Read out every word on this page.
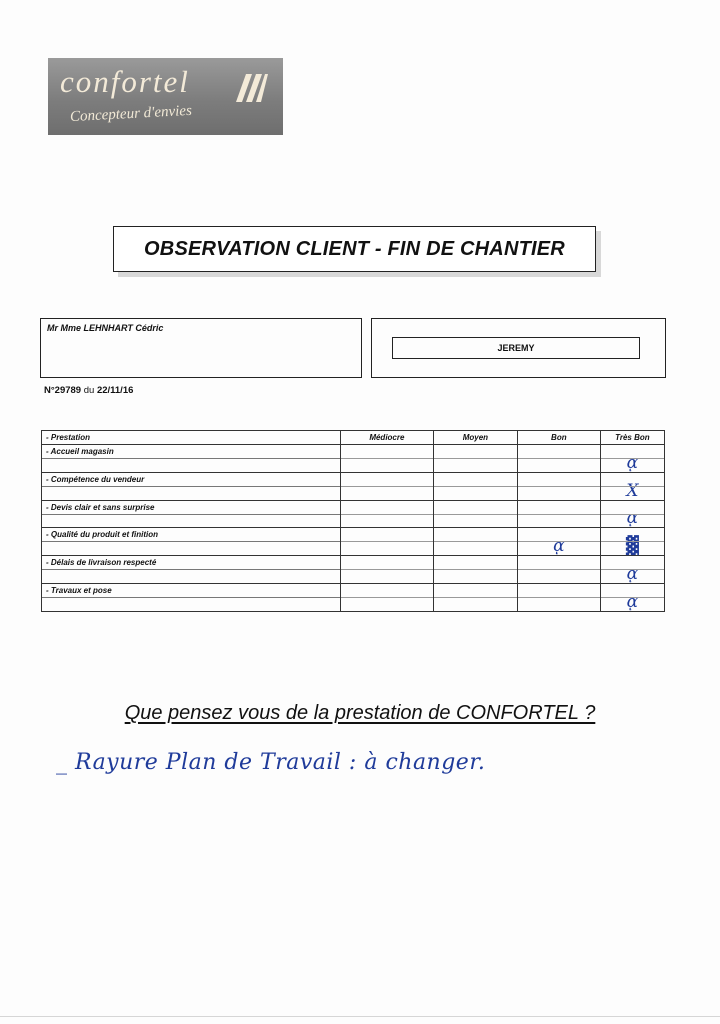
confortel
Concepteur d'envies
OBSERVATION CLIENT - FIN DE CHANTIER
Mr Mme LEHNHART Cédric
JEREMY
N°29789 du 22/11/16
- Prestation	Médiocre	Moyen	Bon	Très Bon
- Accueil magasin				ᾳ

- Compétence du vendeur				X

- Devis clair et sans surprise				ᾳ

- Qualité du produit et finition			ᾳ	▓

- Délais de livraison respecté				ᾳ

- Travaux et pose				ᾳ
Que pensez vous de la prestation de CONFORTEL ?
_ Rayure Plan de Travail : à changer.
